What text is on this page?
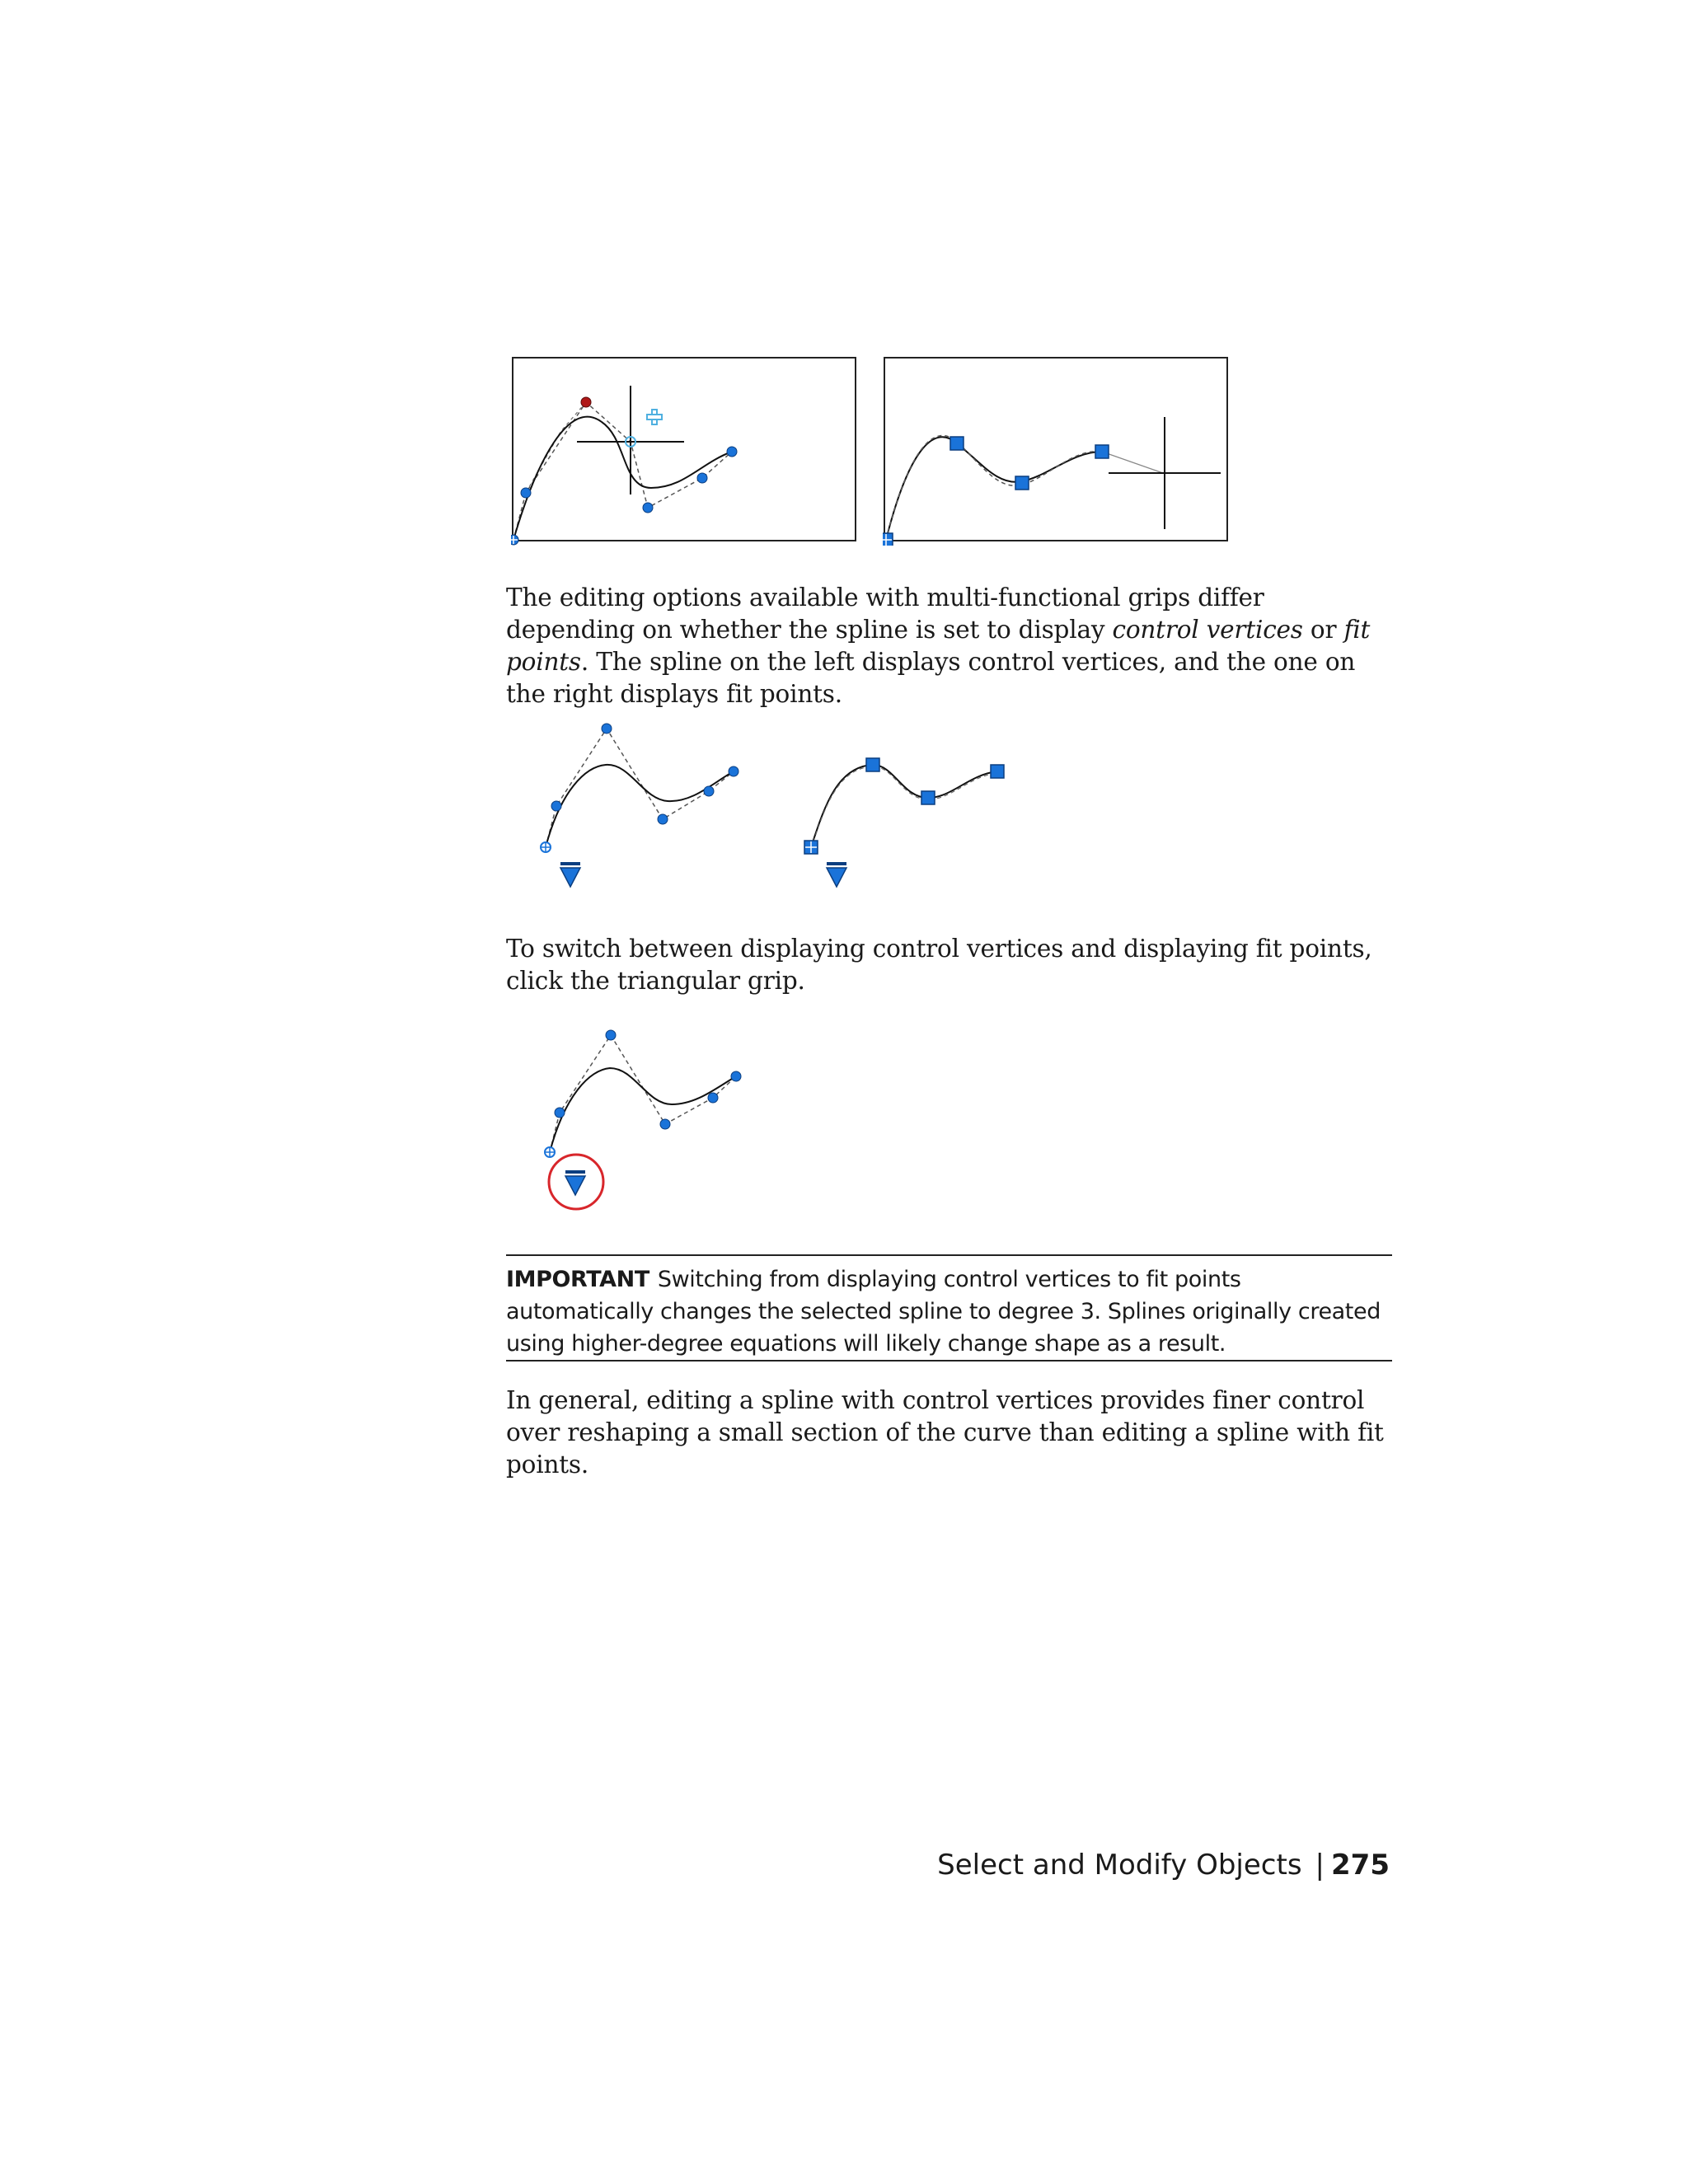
The editing options available with multi-functional grips differ depending on whether the spline is set to display control vertices or fit points. The spline on the left displays control vertices, and the one on the right displays fit points.

To switch between displaying control vertices and displaying fit points, click the triangular grip.

IMPORTANT Switching from displaying control vertices to fit points automatically changes the selected spline to degree 3. Splines originally created using higher-degree equations will likely change shape as a result.

In general, editing a spline with control vertices provides finer control over reshaping a small section of the curve than editing a spline with fit points.

Select and Modify Objects | 275
